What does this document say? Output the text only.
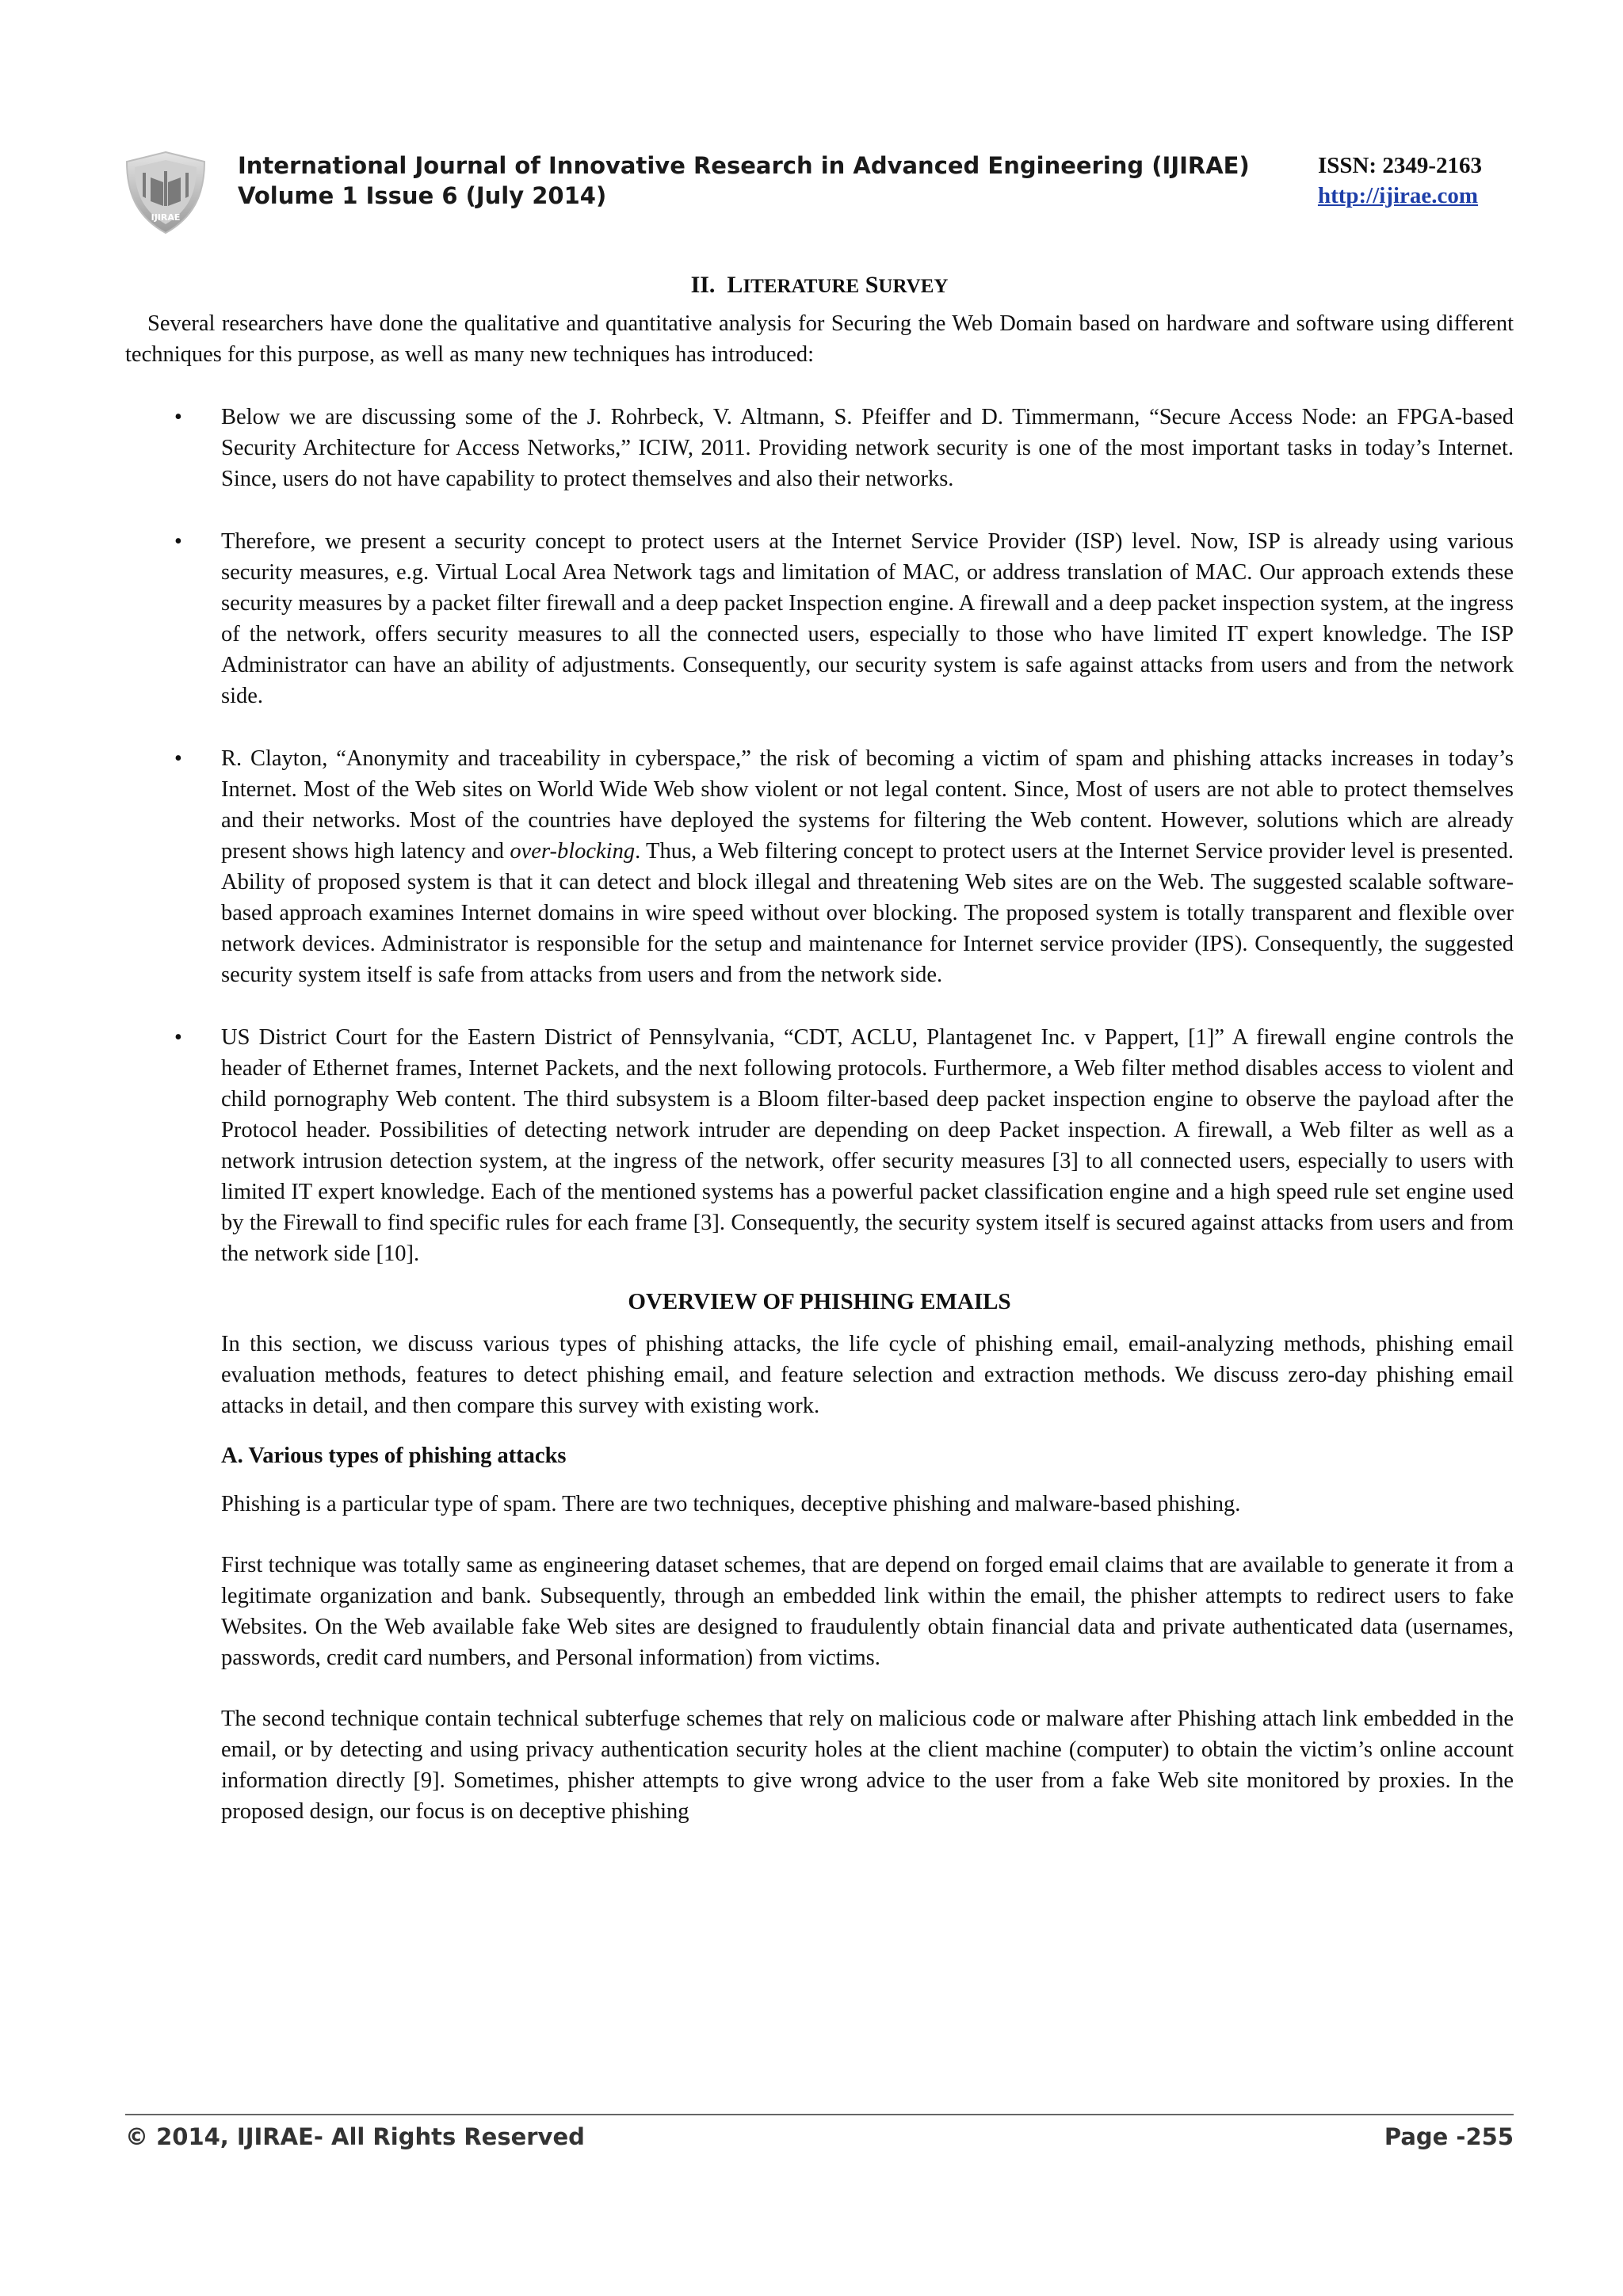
IJIRAE
International Journal of Innovative Research in Advanced Engineering (IJIRAE)
Volume 1 Issue 6 (July 2014)
ISSN: 2349-2163
http://ijirae.com
II. LITERATURE SURVEY

Several researchers have done the qualitative and quantitative analysis for Securing the Web Domain based on hardware and software using different techniques for this purpose, as well as many new techniques has introduced:

• Below we are discussing some of the J. Rohrbeck, V. Altmann, S. Pfeiffer and D. Timmermann, “Secure Access Node: an FPGA-based Security Architecture for Access Networks,” ICIW, 2011. Providing network security is one of the most important tasks in today’s Internet. Since, users do not have capability to protect themselves and also their networks.
• Therefore, we present a security concept to protect users at the Internet Service Provider (ISP) level. Now, ISP is already using various security measures, e.g. Virtual Local Area Network tags and limitation of MAC, or address translation of MAC. Our approach extends these security measures by a packet filter firewall and a deep packet Inspection engine. A firewall and a deep packet inspection system, at the ingress of the network, offers security measures to all the connected users, especially to those who have limited IT expert knowledge. The ISP Administrator can have an ability of adjustments. Consequently, our security system is safe against attacks from users and from the network side.
• R. Clayton, “Anonymity and traceability in cyberspace,” the risk of becoming a victim of spam and phishing attacks increases in today’s Internet. Most of the Web sites on World Wide Web show violent or not legal content. Since, Most of users are not able to protect themselves and their networks. Most of the countries have deployed the systems for filtering the Web content. However, solutions which are already present shows high latency and over-blocking. Thus, a Web filtering concept to protect users at the Internet Service provider level is presented. Ability of proposed system is that it can detect and block illegal and threatening Web sites are on the Web. The suggested scalable software-based approach examines Internet domains in wire speed without over blocking. The proposed system is totally transparent and flexible over network devices. Administrator is responsible for the setup and maintenance for Internet service provider (IPS). Consequently, the suggested security system itself is safe from attacks from users and from the network side.
• US District Court for the Eastern District of Pennsylvania, “CDT, ACLU, Plantagenet Inc. v Pappert, [1]” A firewall engine controls the header of Ethernet frames, Internet Packets, and the next following protocols. Furthermore, a Web filter method disables access to violent and child pornography Web content. The third subsystem is a Bloom filter-based deep packet inspection engine to observe the payload after the Protocol header. Possibilities of detecting network intruder are depending on deep Packet inspection. A firewall, a Web filter as well as a network intrusion detection system, at the ingress of the network, offer security measures [3] to all connected users, especially to users with limited IT expert knowledge. Each of the mentioned systems has a powerful packet classification engine and a high speed rule set engine used by the Firewall to find specific rules for each frame [3]. Consequently, the security system itself is secured against attacks from users and from the network side [10].
OVERVIEW OF PHISHING EMAILS

In this section, we discuss various types of phishing attacks, the life cycle of phishing email, email-analyzing methods, phishing email evaluation methods, features to detect phishing email, and feature selection and extraction methods. We discuss zero-day phishing email attacks in detail, and then compare this survey with existing work.

A. Various types of phishing attacks

Phishing is a particular type of spam. There are two techniques, deceptive phishing and malware-based phishing.

First technique was totally same as engineering dataset schemes, that are depend on forged email claims that are available to generate it from a legitimate organization and bank. Subsequently, through an embedded link within the email, the phisher attempts to redirect users to fake Websites. On the Web available fake Web sites are designed to fraudulently obtain financial data and private authenticated data (usernames, passwords, credit card numbers, and Personal information) from victims.

The second technique contain technical subterfuge schemes that rely on malicious code or malware after Phishing attach link embedded in the email, or by detecting and using privacy authentication security holes at the client machine (computer) to obtain the victim’s online account information directly [9]. Sometimes, phisher attempts to give wrong advice to the user from a fake Web site monitored by proxies. In the proposed design, our focus is on deceptive phishing

© 2014, IJIRAE- All Rights Reserved	Page -255
